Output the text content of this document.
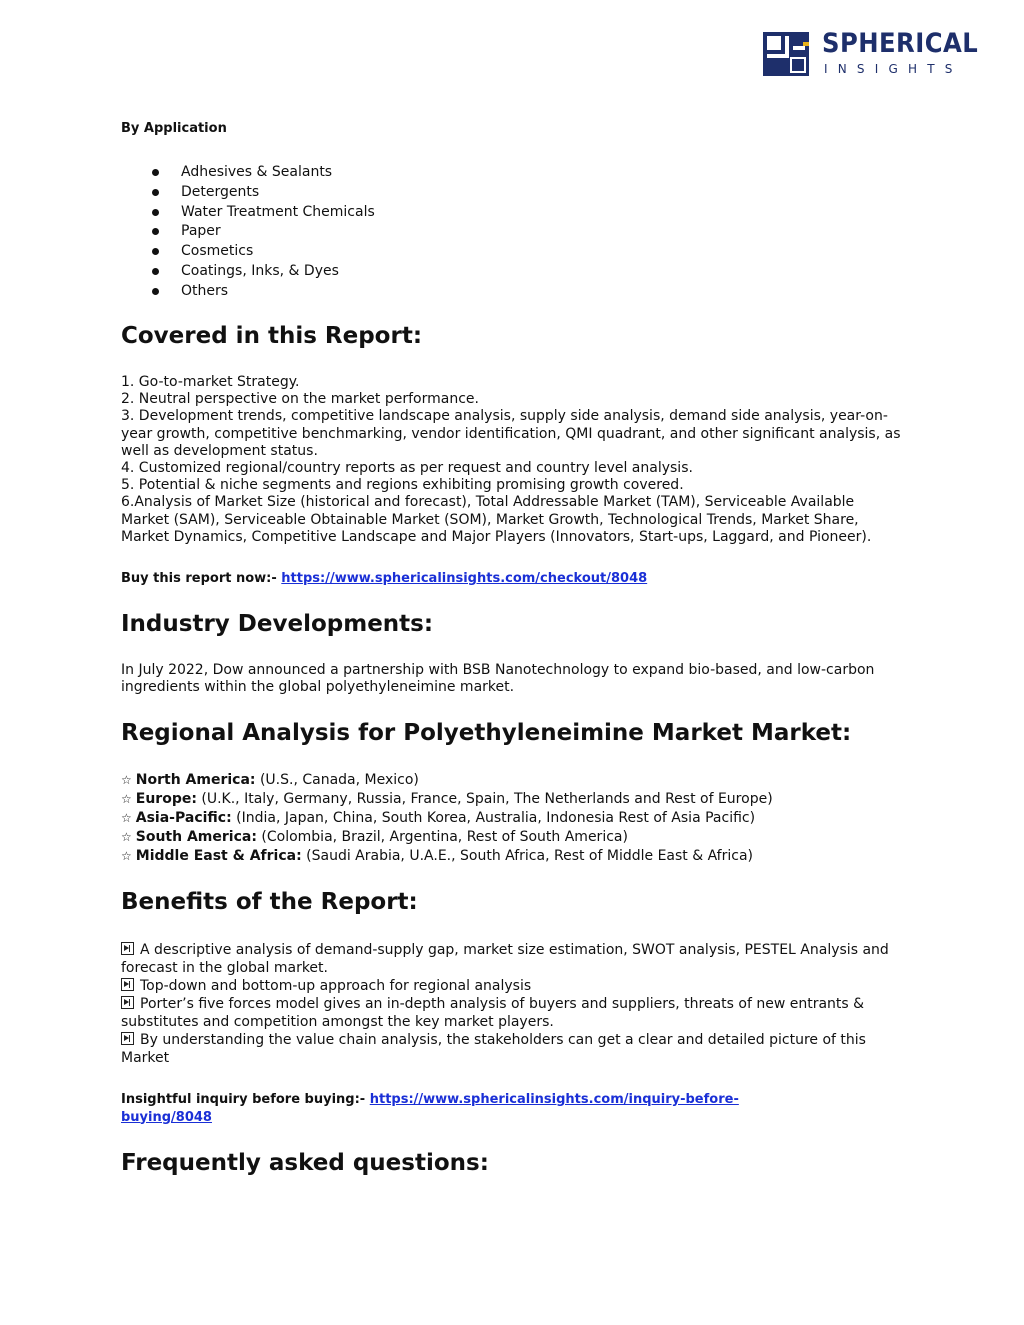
SPHERICAL
INSIGHTS
By Application
Adhesives & Sealants
Detergents
Water Treatment Chemicals
Paper
Cosmetics
Coatings, Inks, & Dyes
Others
Covered in this Report:

1. Go-to-market Strategy.

2. Neutral perspective on the market performance.

3. Development trends, competitive landscape analysis, supply side analysis, demand side analysis, year-on-year growth, competitive benchmarking, vendor identification, QMI quadrant, and other significant analysis, as well as development status.

4. Customized regional/country reports as per request and country level analysis.

5. Potential & niche segments and regions exhibiting promising growth covered.

6.Analysis of Market Size (historical and forecast), Total Addressable Market (TAM), Serviceable Available Market (SAM), Serviceable Obtainable Market (SOM), Market Growth, Technological Trends, Market Share, Market Dynamics, Competitive Landscape and Major Players (Innovators, Start-ups, Laggard, and Pioneer).

Buy this report now:- https://www.sphericalinsights.com/checkout/8048
Industry Developments:
In July 2022, Dow announced a partnership with BSB Nanotechnology to expand bio-based, and low-carbon ingredients within the global polyethyleneimine market.
Regional Analysis for Polyethyleneimine Market Market:
☆ North America: (U.S., Canada, Mexico)
☆ Europe: (U.K., Italy, Germany, Russia, France, Spain, The Netherlands and Rest of Europe)
☆ Asia-Pacific: (India, Japan, China, South Korea, Australia, Indonesia Rest of Asia Pacific)
☆ South America: (Colombia, Brazil, Argentina, Rest of South America)
☆ Middle East & Africa: (Saudi Arabia, U.A.E., South Africa, Rest of Middle East & Africa)
Benefits of the Report:

A descriptive analysis of demand-supply gap, market size estimation, SWOT analysis, PESTEL Analysis and forecast in the global market.

Top-down and bottom-up approach for regional analysis

Porter’s five forces model gives an in-depth analysis of buyers and suppliers, threats of new entrants & substitutes and competition amongst the key market players.

By understanding the value chain analysis, the stakeholders can get a clear and detailed picture of this Market

Insightful inquiry before buying:- https://www.sphericalinsights.com/inquiry-before-buying/8048
Frequently asked questions:
